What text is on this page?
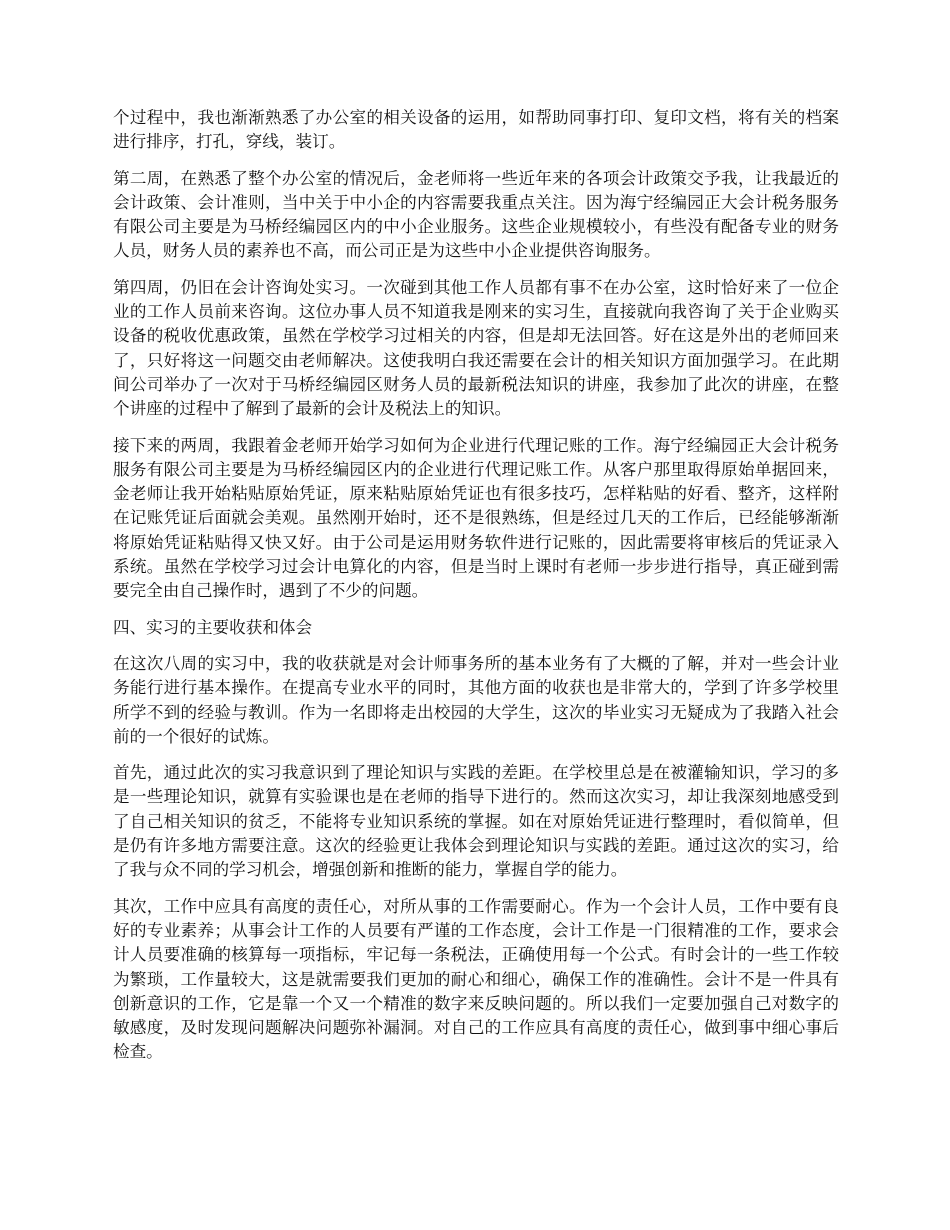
个过程中，我也渐渐熟悉了办公室的相关设备的运用，如帮助同事打印、复印文档，将有关的档案进行排序，打孔，穿线，装订。

第二周，在熟悉了整个办公室的情况后，金老师将一些近年来的各项会计政策交予我，让我最近的会计政策、会计准则，当中关于中小企的内容需要我重点关注。因为海宁经编园正大会计税务服务有限公司主要是为马桥经编园区内的中小企业服务。这些企业规模较小，有些没有配备专业的财务人员，财务人员的素养也不高，而公司正是为这些中小企业提供咨询服务。

第四周，仍旧在会计咨询处实习。一次碰到其他工作人员都有事不在办公室，这时恰好来了一位企业的工作人员前来咨询。这位办事人员不知道我是刚来的实习生，直接就向我咨询了关于企业购买设备的税收优惠政策，虽然在学校学习过相关的内容，但是却无法回答。好在这是外出的老师回来了，只好将这一问题交由老师解决。这使我明白我还需要在会计的相关知识方面加强学习。在此期间公司举办了一次对于马桥经编园区财务人员的最新税法知识的讲座，我参加了此次的讲座，在整个讲座的过程中了解到了最新的会计及税法上的知识。

接下来的两周，我跟着金老师开始学习如何为企业进行代理记账的工作。海宁经编园正大会计税务服务有限公司主要是为马桥经编园区内的企业进行代理记账工作。从客户那里取得原始单据回来，金老师让我开始粘贴原始凭证，原来粘贴原始凭证也有很多技巧，怎样粘贴的好看、整齐，这样附在记账凭证后面就会美观。虽然刚开始时，还不是很熟练，但是经过几天的工作后，已经能够渐渐将原始凭证粘贴得又快又好。由于公司是运用财务软件进行记账的，因此需要将审核后的凭证录入系统。虽然在学校学习过会计电算化的内容，但是当时上课时有老师一步步进行指导，真正碰到需要完全由自己操作时，遇到了不少的问题。

四、实习的主要收获和体会

在这次八周的实习中，我的收获就是对会计师事务所的基本业务有了大概的了解，并对一些会计业务能行进行基本操作。在提高专业水平的同时，其他方面的收获也是非常大的，学到了许多学校里所学不到的经验与教训。作为一名即将走出校园的大学生，这次的毕业实习无疑成为了我踏入社会前的一个很好的试炼。

首先，通过此次的实习我意识到了理论知识与实践的差距。在学校里总是在被灌输知识，学习的多是一些理论知识，就算有实验课也是在老师的指导下进行的。然而这次实习，却让我深刻地感受到了自己相关知识的贫乏，不能将专业知识系统的掌握。如在对原始凭证进行整理时，看似简单，但是仍有许多地方需要注意。这次的经验更让我体会到理论知识与实践的差距。通过这次的实习，给了我与众不同的学习机会，增强创新和推断的能力，掌握自学的能力。

其次，工作中应具有高度的责任心，对所从事的工作需要耐心。作为一个会计人员，工作中要有良好的专业素养；从事会计工作的人员要有严谨的工作态度，会计工作是一门很精准的工作，要求会计人员要准确的核算每一项指标，牢记每一条税法，正确使用每一个公式。有时会计的一些工作较为繁琐，工作量较大，这是就需要我们更加的耐心和细心，确保工作的准确性。会计不是一件具有创新意识的工作，它是靠一个又一个精准的数字来反映问题的。所以我们一定要加强自己对数字的敏感度，及时发现问题解决问题弥补漏洞。对自己的工作应具有高度的责任心，做到事中细心事后检查。
